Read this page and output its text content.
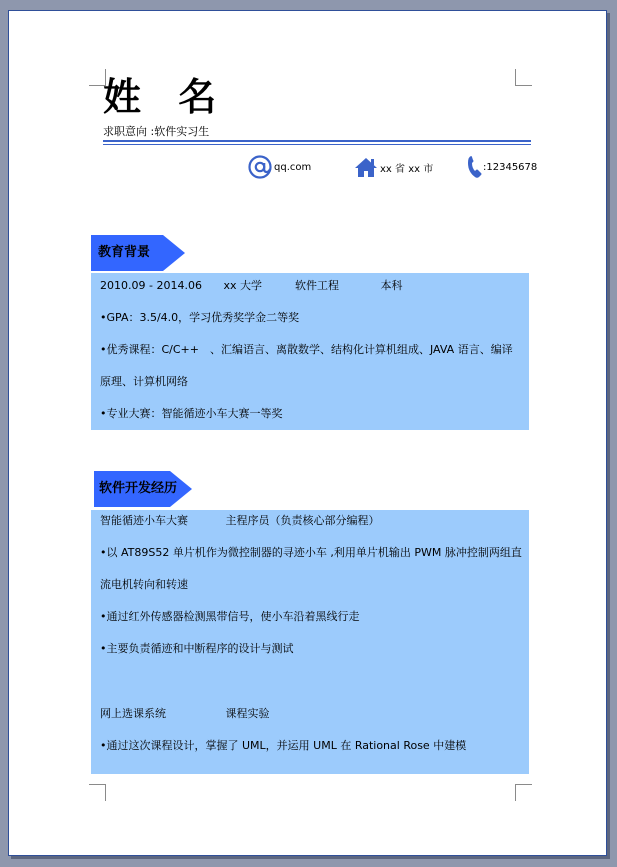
姓 名
求职意向 :软件实习生
qq.com	xx 省 xx 市	:12345678
教育背景
2010.09 - 2014.06 xx 大学	软件工程	本科
•GPA：3.5/4.0，学习优秀奖学金二等奖
•优秀课程：C/C++　、汇编语言、离散数学、结构化计算机组成、JAVA 语言、编译
原理、计算机网络
•专业大赛：智能循迹小车大赛一等奖
软件开发经历
智能循迹小车大赛	主程序员（负责核心部分编程）
•以 AT89S52 单片机作为微控制器的寻迹小车 ,利用单片机输出 PWM 脉冲控制两组直
流电机转向和转速
•通过红外传感器检测黑带信号，使小车沿着黑线行走
•主要负责循迹和中断程序的设计与测试
网上选课系统	课程实验
•通过这次课程设计，掌握了 UML，并运用 UML 在 Rational Rose 中建模
